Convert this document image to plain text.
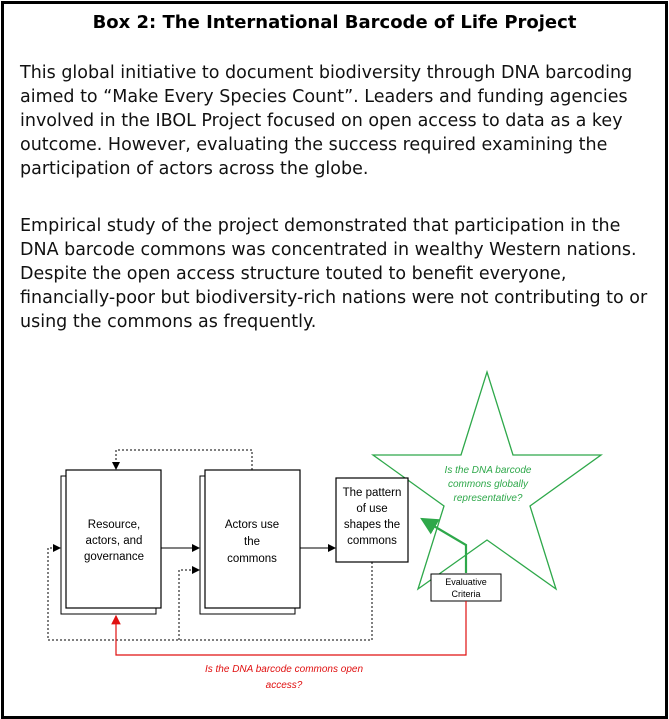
Box 2: The International Barcode of Life Project

This global initiative to document biodiversity through DNA barcoding aimed to “Make Every Species Count”. Leaders and funding agencies involved in the IBOL Project focused on open access to data as a key outcome. However, evaluating the success required examining the participation of actors across the globe.

Empirical study of the project demonstrated that participation in the DNA barcode commons was concentrated in wealthy Western nations. Despite the open access structure touted to benefit everyone, financially-poor but biodiversity-rich nations were not contributing to or using the commons as frequently.

Is the DNA barcode
commons globally
representative?
Resource,
actors, and
governance
Actors use
the
commons
The pattern
of use
shapes the
commons
Evaluative
Criteria
Is the DNA barcode commons open
access?
